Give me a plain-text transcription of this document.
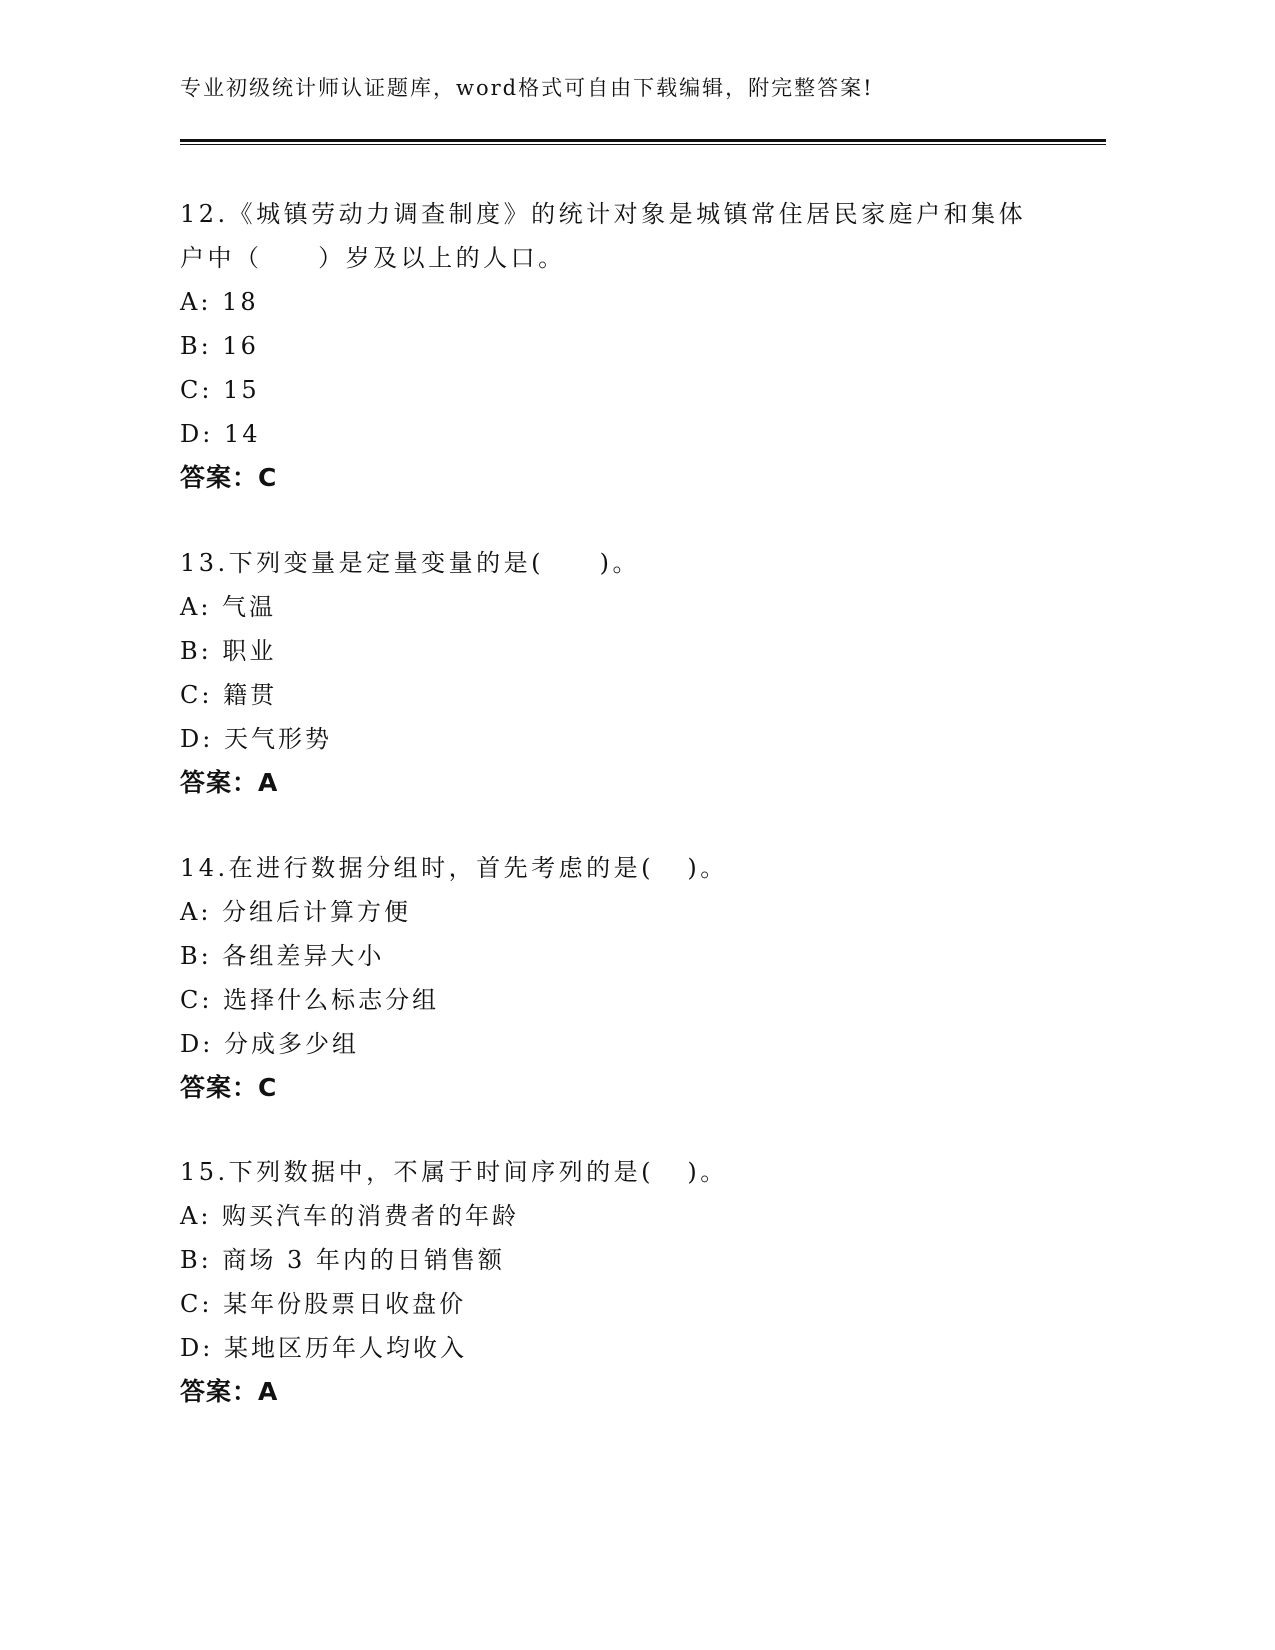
专业初级统计师认证题库，word格式可自由下载编辑，附完整答案!
12.《城镇劳动力调查制度》的统计对象是城镇常住居民家庭户和集体
户中（     ）岁及以上的人口。
A: 18
B: 16
C: 15
D: 14
答案：C
13.下列变量是定量变量的是(     )。
A: 气温
B: 职业
C: 籍贯
D: 天气形势
答案：A
14.在进行数据分组时，首先考虑的是(   )。
A: 分组后计算方便
B: 各组差异大小
C: 选择什么标志分组
D: 分成多少组
答案：C
15.下列数据中，不属于时间序列的是(   )。
A: 购买汽车的消费者的年龄
B: 商场 3 年内的日销售额
C: 某年份股票日收盘价
D: 某地区历年人均收入
答案：A
